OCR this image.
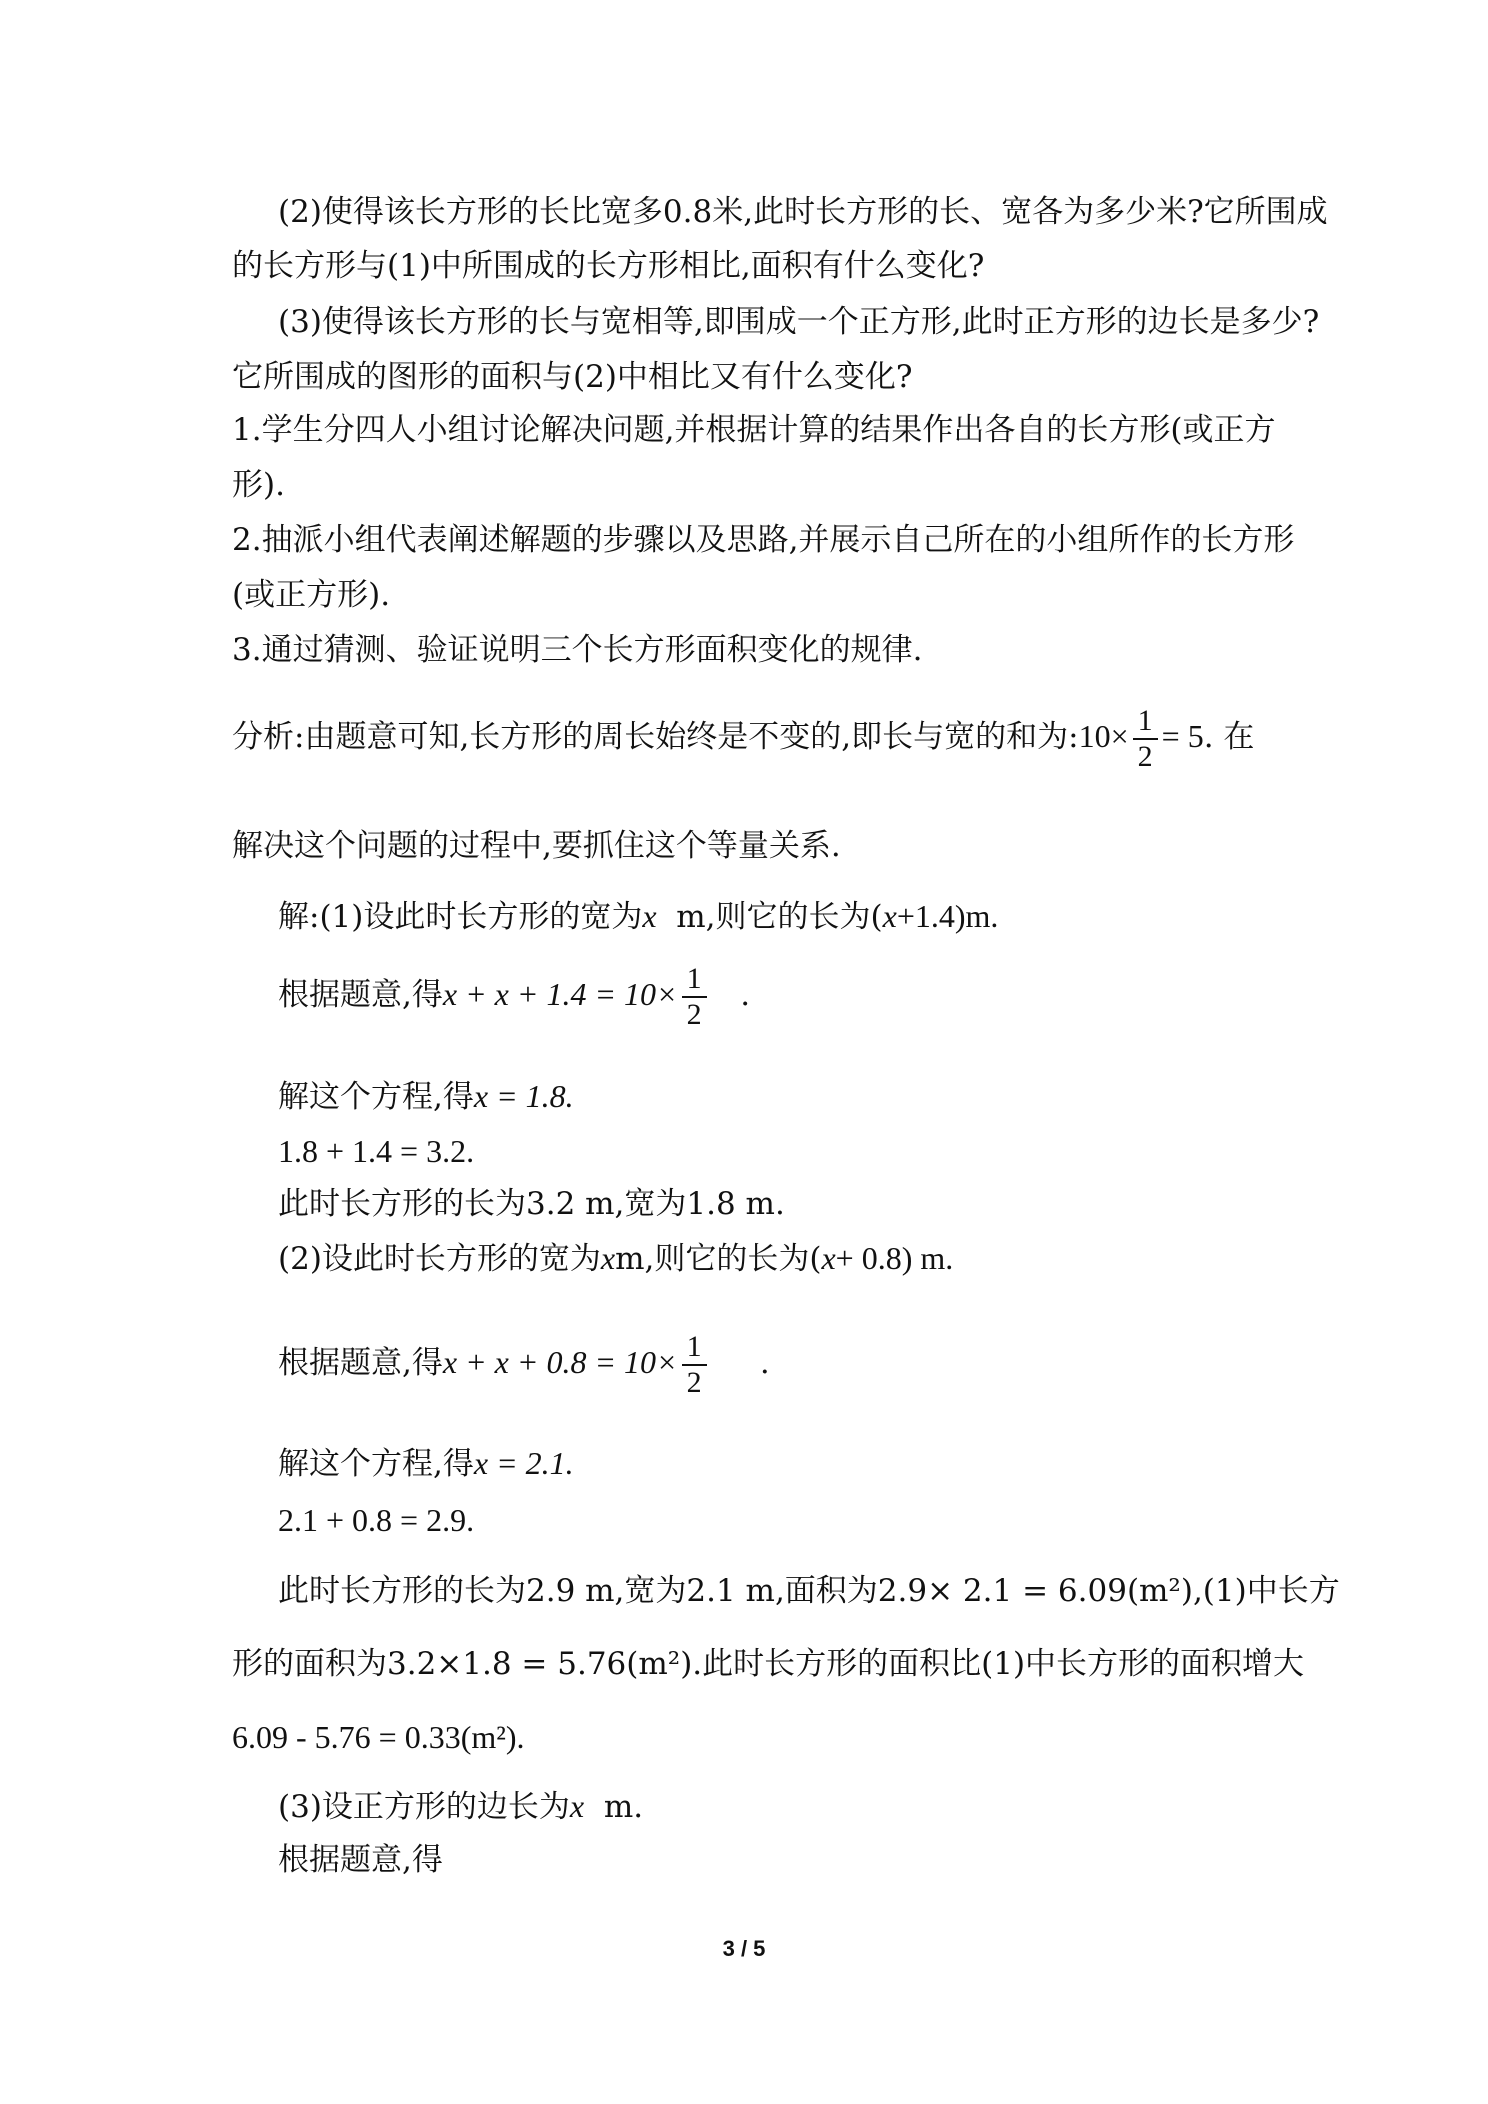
(2)使得该长方形的长比宽多0.8米,此时长方形的长、宽各为多少米?它所围成
的长方形与(1)中所围成的长方形相比,面积有什么变化?
(3)使得该长方形的长与宽相等,即围成一个正方形,此时正方形的边长是多少?
它所围成的图形的面积与(2)中相比又有什么变化?
1.学生分四人小组讨论解决问题,并根据计算的结果作出各自的长方形(或正方
形).
2.抽派小组代表阐述解题的步骤以及思路,并展示自己所在的小组所作的长方形
(或正方形).
3.通过猜测、验证说明三个长方形面积变化的规律.
分析:由题意可知,长方形的周长始终是不变的,即长与宽的和为:10× $\frac{1}{2} = 5$. 在
解决这个问题的过程中,要抓住这个等量关系.
解:(1)设此时长方形的宽为x m,则它的长为(x+1.4)m.
根据题意,得$x + x + 1.4 = 10\times \frac{1}{2}$ .
解这个方程,得x = 1.8.
1.8 + 1.4 = 3.2.
此时长方形的长为3.2 m,宽为1.8 m.
(2)设此时长方形的宽为xm,则它的长为(x+ 0.8) m.
根据题意,得$x + x + 0.8 = 10\times \frac{1}{2}$ .
解这个方程,得x = 2.1.
2.1 + 0.8 = 2.9.
此时长方形的长为2.9 m,宽为2.1 m,面积为2.9× 2.1 = 6.09(m²),(1)中长方
形的面积为3.2×1.8 = 5.76(m²).此时长方形的面积比(1)中长方形的面积增大
6.09 - 5.76 = 0.33(m²).
(3)设正方形的边长为x m.
根据题意,得
3 / 5
